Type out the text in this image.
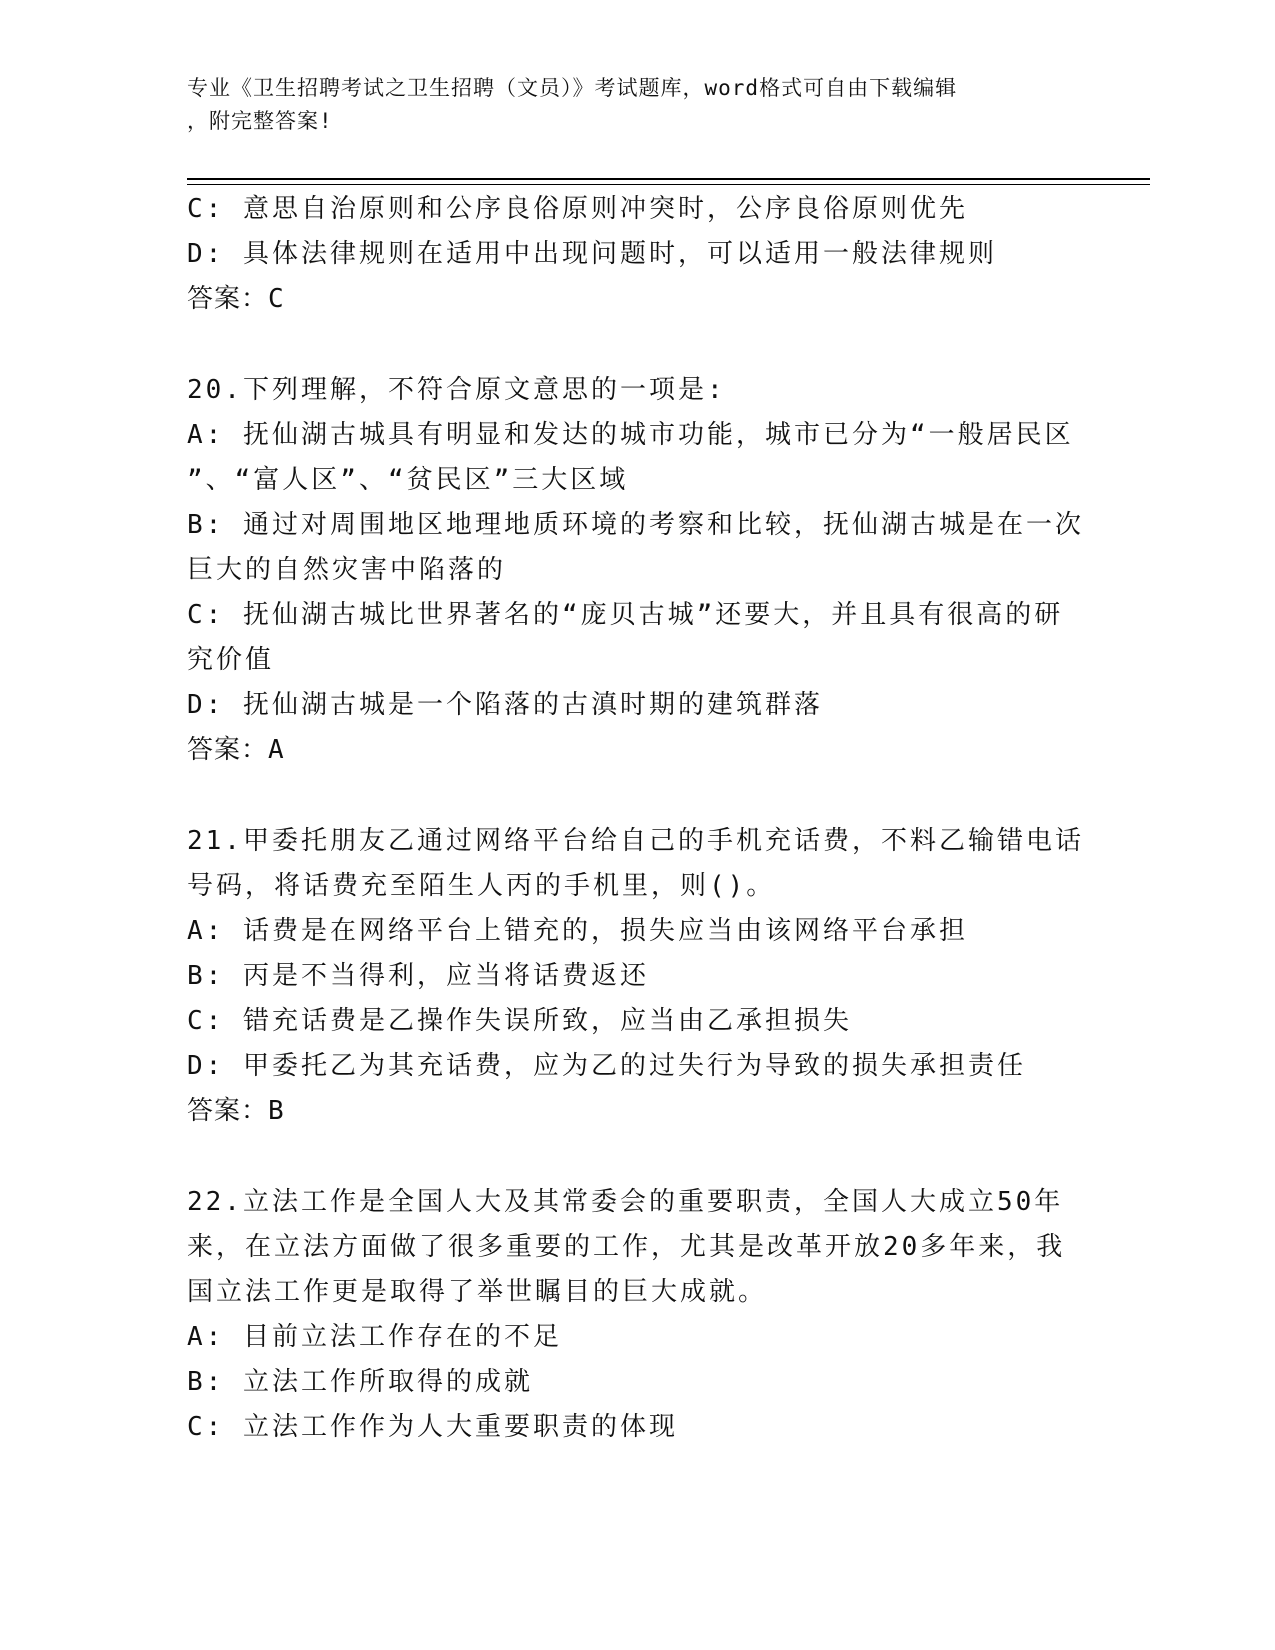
专业《卫生招聘考试之卫生招聘（文员）》考试题库，word格式可自由下载编辑
，附完整答案!
C: 意思自治原则和公序良俗原则冲突时，公序良俗原则优先
D: 具体法律规则在适用中出现问题时，可以适用一般法律规则
答案：C
20.下列理解，不符合原文意思的一项是:
A: 抚仙湖古城具有明显和发达的城市功能，城市已分为“一般居民区
”、“富人区”、“贫民区”三大区域
B: 通过对周围地区地理地质环境的考察和比较，抚仙湖古城是在一次
巨大的自然灾害中陷落的
C: 抚仙湖古城比世界著名的“庞贝古城”还要大，并且具有很高的研
究价值
D: 抚仙湖古城是一个陷落的古滇时期的建筑群落
答案：A
21.甲委托朋友乙通过网络平台给自己的手机充话费，不料乙输错电话
号码，将话费充至陌生人丙的手机里，则()。
A: 话费是在网络平台上错充的，损失应当由该网络平台承担
B: 丙是不当得利，应当将话费返还
C: 错充话费是乙操作失误所致，应当由乙承担损失
D: 甲委托乙为其充话费，应为乙的过失行为导致的损失承担责任
答案：B
22.立法工作是全国人大及其常委会的重要职责，全国人大成立50年
来，在立法方面做了很多重要的工作，尤其是改革开放20多年来，我
国立法工作更是取得了举世瞩目的巨大成就。
A: 目前立法工作存在的不足
B: 立法工作所取得的成就
C: 立法工作作为人大重要职责的体现
